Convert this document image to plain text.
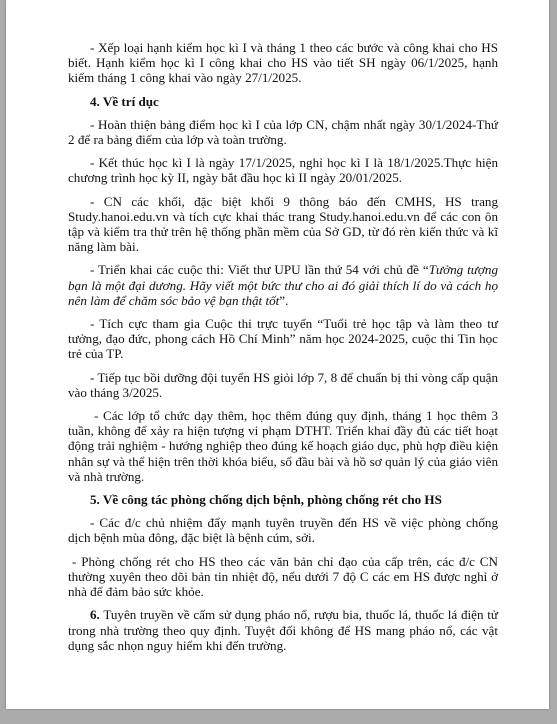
- Xếp loại hạnh kiểm học kì I và tháng 1 theo các bước và công khai cho HS biết. Hạnh kiểm học kì I công khai cho HS vào tiết SH ngày 06/1/2025, hạnh kiểm tháng 1 công khai vào ngày 27/1/2025.

4. Về trí dục

- Hoàn thiện bảng điểm học kì I của lớp CN, chậm nhất ngày 30/1/2024-Thứ 2 để ra bảng điểm của lớp và toàn trường.

- Kết thúc học kì I là ngày 17/1/2025, nghỉ học kì I là 18/1/2025.Thực hiện chương trình học kỳ II, ngày bắt đầu học kì II ngày 20/01/2025.

- CN các khối, đặc biệt khối 9 thông báo đến CMHS, HS trang Study.hanoi.edu.vn và tích cực khai thác trang Study.hanoi.edu.vn để các con ôn tập và kiểm tra thử trên hệ thống phần mềm của Sở GD, từ đó rèn kiến thức và kĩ năng làm bài.

- Triển khai các cuộc thi: Viết thư UPU lần thứ 54 với chủ đề “Tưởng tượng bạn là một đại dương. Hãy viết một bức thư cho ai đó giải thích lí do và cách họ nên làm để chăm sóc bảo vệ bạn thật tốt”.

- Tích cực tham gia Cuộc thi trực tuyến “Tuổi trẻ học tập và làm theo tư tưởng, đạo đức, phong cách Hồ Chí Minh” năm học 2024-2025, cuộc thi Tin học trẻ của TP.

- Tiếp tục bồi dưỡng đội tuyển HS giỏi lớp 7, 8 để chuẩn bị thi vòng cấp quận vào tháng 3/2025.

- Các lớp tổ chức dạy thêm, học thêm đúng quy định, tháng 1 học thêm 3 tuần, không để xảy ra hiện tượng vi phạm DTHT. Triển khai đầy đủ các tiết hoạt động trải nghiệm - hướng nghiệp theo đúng kế hoạch giáo dục, phù hợp điều kiện nhân sự và thể hiện trên thời khóa biểu, sổ đầu bài và hồ sơ quản lý của giáo viên và nhà trường.

5. Về công tác phòng chống dịch bệnh, phòng chống rét cho HS

- Các đ/c chủ nhiệm đẩy mạnh tuyên truyền đến HS về việc phòng chống dịch bệnh mùa đông, đặc biệt là bệnh cúm, sởi.

- Phòng chống rét cho HS theo các văn bản chỉ đạo của cấp trên, các đ/c CN thường xuyên theo dõi bản tin nhiệt độ, nếu dưới 7 độ C các em HS được nghỉ ở nhà để đảm bảo sức khỏe.

6. Tuyên truyền về cấm sử dụng pháo nổ, rượu bia, thuốc lá, thuốc lá điện tử trong nhà trường theo quy định. Tuyệt đối không để HS mang pháo nổ, các vật dụng sắc nhọn nguy hiểm khi đến trường.
